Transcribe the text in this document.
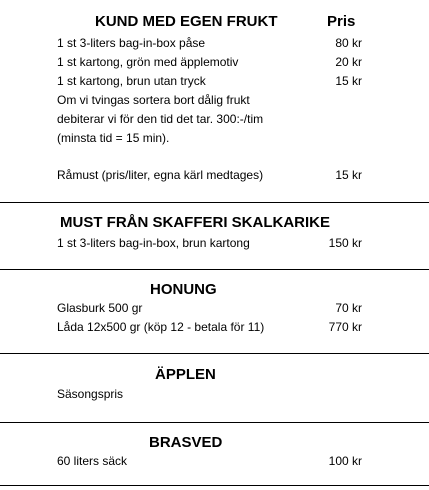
KUND MED EGEN FRUKT	Pris
1 st 3-liters bag-in-box påse	80 kr
1 st kartong, grön med äpplemotiv	20 kr
1 st kartong, brun utan tryck	15 kr
Om vi tvingas sortera bort dålig frukt
debiterar vi för den tid det tar. 300:-/tim
(minsta tid = 15 min).
Råmust (pris/liter, egna kärl medtages)	15 kr
MUST FRÅN SKAFFERI SKALKARIKE
1 st 3-liters bag-in-box, brun kartong	150 kr
HONUNG
Glasburk 500 gr	70 kr
Låda 12x500 gr (köp 12 - betala för 11)	770 kr
ÄPPLEN
Säsongspris
BRASVED
60 liters säck	100 kr
